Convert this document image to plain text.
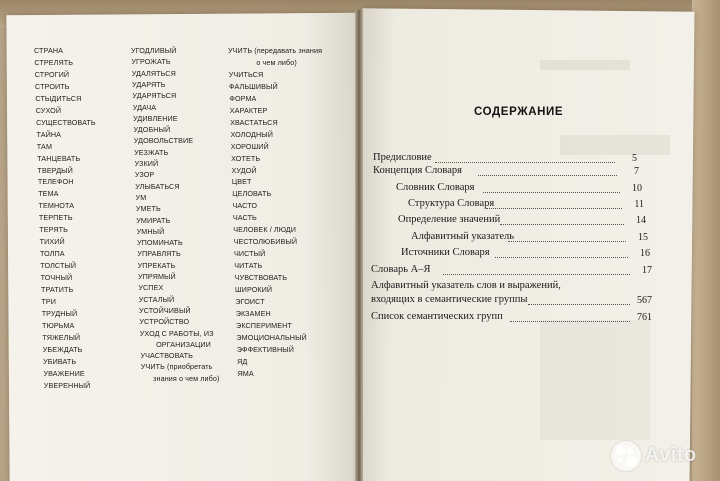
СТРАНА
СТРЕЛЯТЬ
СТРОГИЙ
СТРОИТЬ
СТЫДИТЬСЯ
СУХОЙ
СУЩЕСТВОВАТЬ
ТАЙНА
ТАМ
ТАНЦЕВАТЬ
ТВЕРДЫЙ
ТЕЛЕФОН
ТЕМА
ТЕМНОТА
ТЕРПЕТЬ
ТЕРЯТЬ
ТИХИЙ
ТОЛПА
ТОЛСТЫЙ
ТОЧНЫЙ
ТРАТИТЬ
ТРИ
ТРУДНЫЙ
ТЮРЬМА
ТЯЖЕЛЫЙ
УБЕЖДАТЬ
УБИВАТЬ
УВАЖЕНИЕ
УВЕРЕННЫЙ
УГОДЛИВЫЙ
УГРОЖАТЬ
УДАЛЯТЬСЯ
УДАРЯТЬ
УДАРЯТЬСЯ
УДАЧА
УДИВЛЕНИЕ
УДОБНЫЙ
УДОВОЛЬСТВИЕ
УЕЗЖАТЬ
УЗКИЙ
УЗОР
УЛЫБАТЬСЯ
УМ
УМЕТЬ
УМИРАТЬ
УМНЫЙ
УПОМИНАТЬ
УПРАВЛЯТЬ
УПРЕКАТЬ
УПРЯМЫЙ
УСПЕХ
УСТАЛЫЙ
УСТОЙЧИВЫЙ
УСТРОЙСТВО
УХОД С РАБОТЫ, ИЗ
ОРГАНИЗАЦИИ
УЧАСТВОВАТЬ
УЧИТЬ (приобретать
знания о чем либо)
УЧИТЬ (передавать знания
о чем либо)
УЧИТЬСЯ
ФАЛЬШИВЫЙ
ФОРМА
ХАРАКТЕР
ХВАСТАТЬСЯ
ХОЛОДНЫЙ
ХОРОШИЙ
ХОТЕТЬ
ХУДОЙ
ЦВЕТ
ЦЕЛОВАТЬ
ЧАСТО
ЧАСТЬ
ЧЕЛОВЕК / ЛЮДИ
ЧЕСТОЛЮБИВЫЙ
ЧИСТЫЙ
ЧИТАТЬ
ЧУВСТВОВАТЬ
ШИРОКИЙ
ЭГОИСТ
ЭКЗАМЕН
ЭКСПЕРИМЕНТ
ЭМОЦИОНАЛЬНЫЙ
ЭФФЕКТИВНЫЙ
ЯД
ЯМА
СОДЕРЖАНИЕ
Предисловие	5
Концепция Словаря	7
Словник Словаря	10
Структура Словаря	11
Определение значений	14
Алфавитный указатель	15
Источники Словаря	16
Словарь А–Я	17
Алфавитный указатель слов и выражений,
входящих в семантические группы	567
Список семантических групп	761
Avito
